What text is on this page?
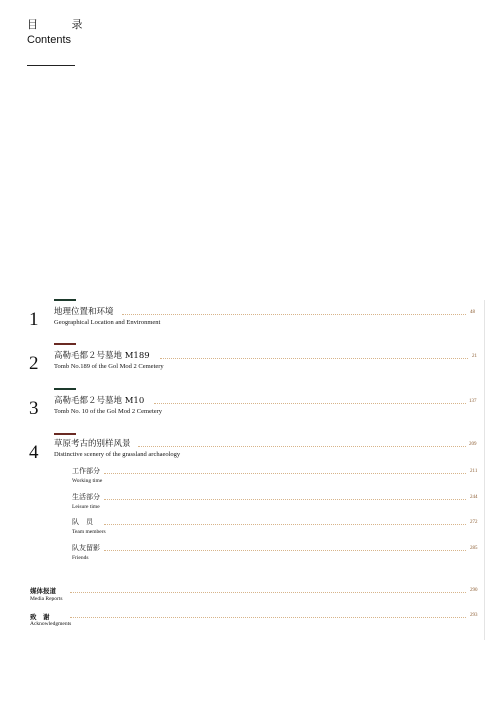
目 录
Contents
1 地理位置和环境	48
Geographical Location and Environment
2 高勒毛都２号墓地 M189	21
Tomb No.189 of the Gol Mod 2 Cemetery
3 高勒毛都２号墓地 M10	137
Tomb No. 10 of the Gol Mod 2 Cemetery
4 草原考古的别样风景	209
Distinctive scenery of the grassland archaeology
工作部分	211
Working time
生活部分	244
Leisure time
队　员	272
Team members
队友留影	285
Friends
媒体报道	290
Media Reports
致　谢	293
Acknowledgments
